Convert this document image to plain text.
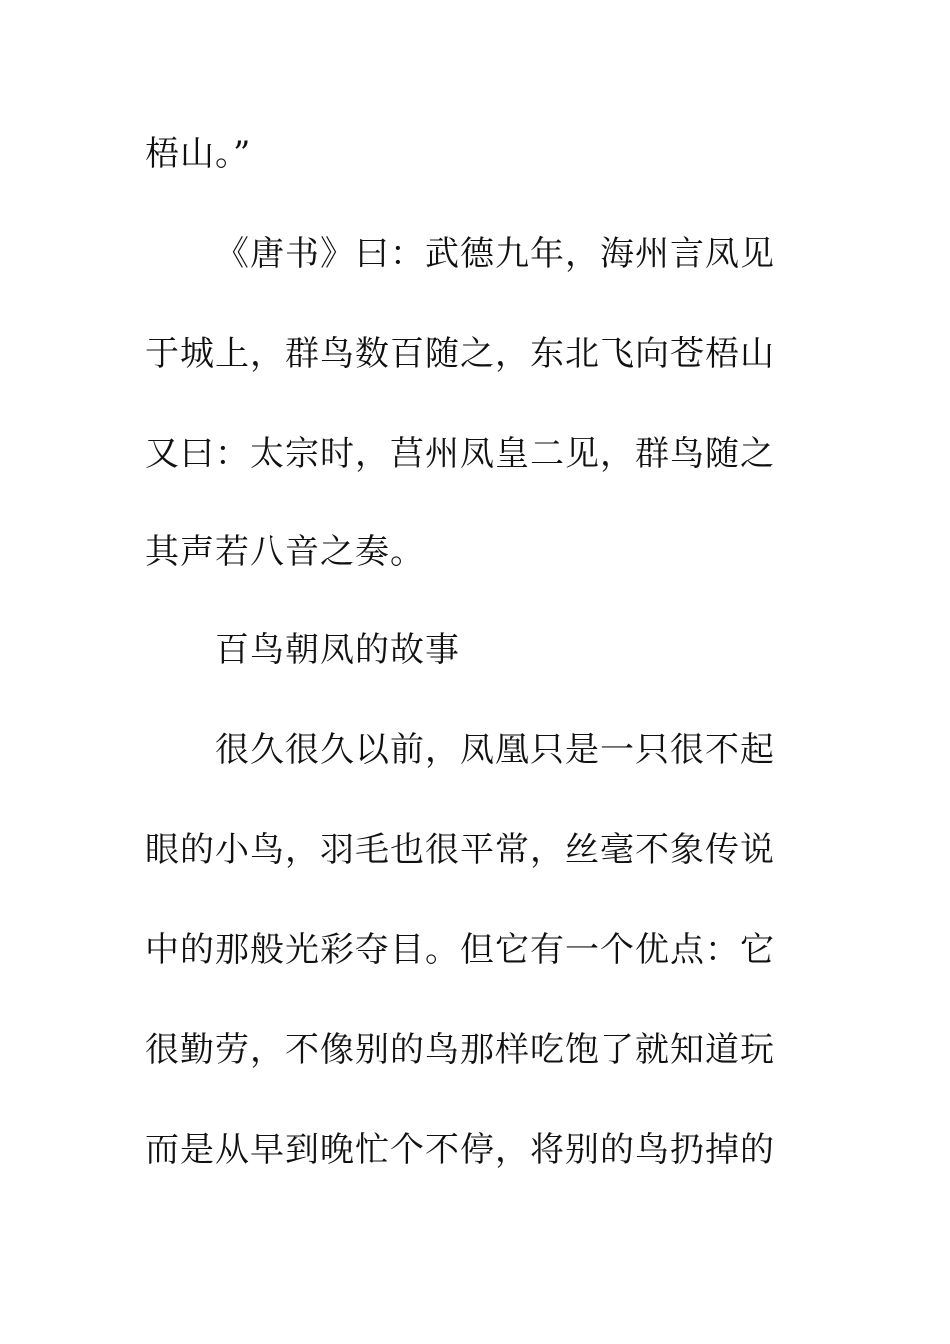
梧山。”
《唐书》曰：武德九年，海州言凤见
于城上，群鸟数百随之，东北飞向苍梧山
又曰：太宗时，莒州凤皇二见，群鸟随之
其声若八音之奏。
百鸟朝凤的故事
很久很久以前，凤凰只是一只很不起
眼的小鸟，羽毛也很平常，丝毫不象传说
中的那般光彩夺目。但它有一个优点：它
很勤劳，不像别的鸟那样吃饱了就知道玩
而是从早到晚忙个不停，将别的鸟扔掉的
